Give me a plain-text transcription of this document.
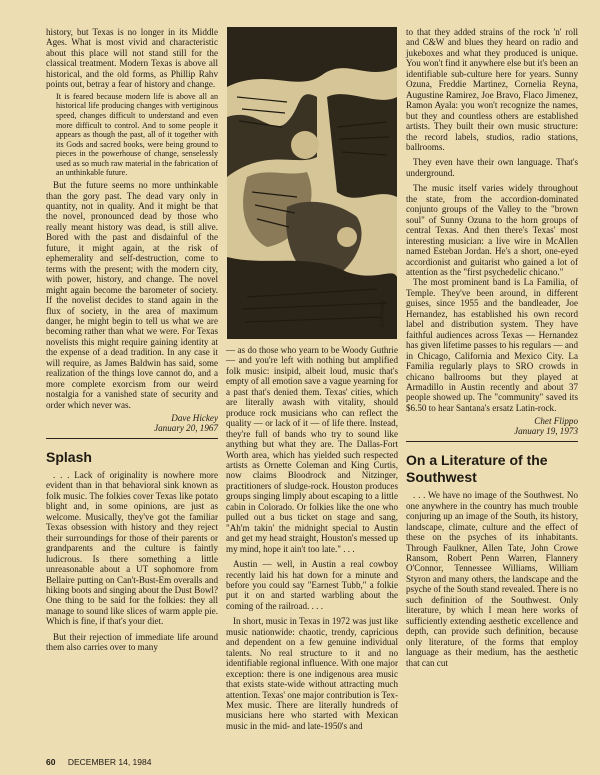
history, but Texas is no longer in its Middle Ages. What is most vivid and characteristic about this place will not stand still for the classical treatment. Modern Texas is above all historical, and the old forms, as Phillip Rahv points out, betray a fear of history and change.

It is feared because modern life is above all an historical life producing changes with vertiginous speed, changes difficult to understand and even more difficult to control. And to some people it appears as though the past, all of it together with its Gods and sacred books, were being ground to pieces in the powerhouse of change, senselessly used as so much raw material in the fabrication of an unthinkable future.

But the future seems no more unthinkable than the gory past. The dead vary only in quantity, not in quality. And it might be that the novel, pronounced dead by those who really meant history was dead, is still alive. Bored with the past and disdainful of the future, it might again, at the risk of ephemerality and self-destruction, come to terms with the present; with the modern city, with power, history, and change. The novel might again become the barometer of society. If the novelist decides to stand again in the flux of society, in the area of maximum danger, he might begin to tell us what we are becoming rather than what we were. For Texas novelists this might require gaining identity at the expense of a dead tradition. In any case it will require, as James Baldwin has said, some realization of the things love cannot do, and a more complete exorcism from our weird nostalgia for a vanished state of security and order which never was.

Dave Hickey
January 20, 1967
Splash

. . . Lack of originality is nowhere more evident than in that behavioral sink known as folk music. The folkies cover Texas like potato blight and, in some opinions, are just as welcome. Musically, they've got the familiar Texas obsession with history and they reject their surroundings for those of their parents or grandparents and the culture is faintly ludicrous. Is there something a little unreasonable about a UT sophomore from Bellaire putting on Can't-Bust-Em overalls and hiking boots and singing about the Dust Bowl? One thing to be said for the folkies: they all manage to sound like slices of warm apple pie. Which is fine, if that's your diet.

But their rejection of immediate life around them also carries over to many

Eric Avery

— as do those who yearn to be Woody Guthrie — and you're left with nothing but amplified folk music: insipid, albeit loud, music that's empty of all emotion save a vague yearning for a past that's denied them. Texas' cities, which are literally awash with vitality, should produce rock musicians who can reflect the quality — or lack of it — of life there. Instead, they're full of bands who try to sound like anything but what they are. The Dallas-Fort Worth area, which has yielded such respected artists as Ornette Coleman and King Curtis, now claims Bloodrock and Nitzinger, practitioners of sludge-rock. Houston produces groups singing limply about escaping to a little cabin in Colorado. Or folkies like the one who pulled out a bus ticket on stage and sang, "Ah'm takin' the midnight special to Austin and get my head straight, Houston's messed up my mind, hope it ain't too late." . . .

Austin — well, in Austin a real cowboy recently laid his hat down for a minute and before you could say "Earnest Tubb," a folkie put it on and started warbling about the coming of the railroad. . . .

In short, music in Texas in 1972 was just like music nationwide: chaotic, trendy, capricious and dependent on a few genuine individual talents. No real structure to it and no identifiable regional influence. With one major exception: there is one indigenous area music that exists state-wide without attracting much attention. Texas' one major contribution is Tex-Mex music. There are literally hundreds of musicians here who started with Mexican music in the mid- and late-1950's and

to that they added strains of the rock 'n' roll and C&W and blues they heard on radio and jukeboxes and what they produced is unique. You won't find it anywhere else but it's been an identifiable sub-culture here for years. Sunny Ozuna, Freddie Martinez, Cornelia Reyna, Augustine Ramirez, Joe Bravo, Flaco Jimenez, Ramon Ayala: you won't recognize the names, but they and countless others are established artists. They built their own music structure: the record labels, studios, radio stations, ballrooms.

They even have their own language. That's underground.

The music itself varies widely throughout the state, from the accordion-dominated conjunto groups of the Valley to the "brown soul" of Sunny Ozuna to the horn groups of central Texas. And then there's Texas' most interesting musician: a live wire in McAllen named Esteban Jordan. He's a short, one-eyed accordionist and guitarist who gained a lot of attention as the "first psychedelic chicano."

The most prominent band is La Familia, of Temple. They've been around, in different guises, since 1955 and the bandleader, Joe Hernandez, has established his own record label and distribution system. They have faithful audiences across Texas — Hernandez has given lifetime passes to his regulars — and in Chicago, California and Mexico City. La Familia regularly plays to SRO crowds in chicano ballrooms but they played at Armadillo in Austin recently and about 37 people showed up. The "community" saved its $6.50 to hear Santana's ersatz Latin-rock.

Chet Flippo
January 19, 1973
On a Literature of the Southwest

. . . We have no image of the Southwest. No one anywhere in the country has much trouble conjuring up an image of the South, its history, landscape, climate, culture and the effect of these on the psyches of its inhabitants. Through Faulkner, Allen Tate, John Crowe Ransom, Robert Penn Warren, Flannery O'Connor, Tennessee Williams, William Styron and many others, the landscape and the psyche of the South stand revealed. There is no such definition of the Southwest. Only literature, by which I mean here works of sufficiently extending aesthetic excellence and depth, can provide such definition, because only literature, of the forms that employ language as their medium, has the aesthetic that can cut

60 DECEMBER 14, 1984
